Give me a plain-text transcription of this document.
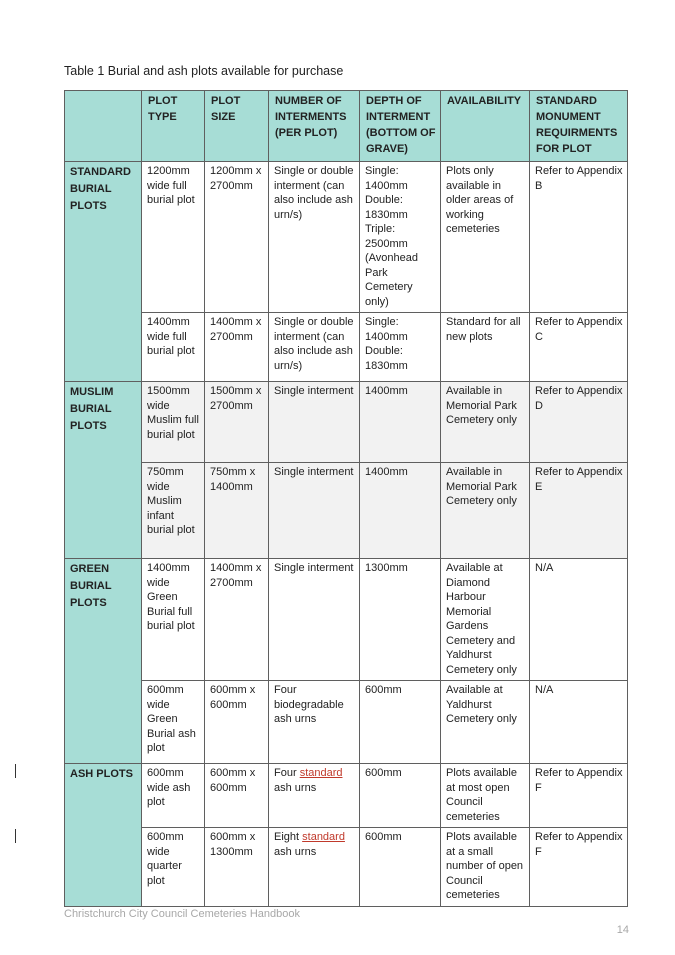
Table 1 Burial and ash plots available for purchase
	PLOT TYPE	PLOT SIZE	NUMBER OF INTERMENTS (PER PLOT)	DEPTH OF INTERMENT (BOTTOM OF GRAVE)	AVAILABILITY	STANDARD MONUMENT REQUIRMENTS FOR PLOT
STANDARD BURIAL PLOTS	1200mm wide full burial plot	1200mm x 2700mm	Single or double interment (can also include ash urn/s)	Single: 1400mm Double: 1830mm Triple: 2500mm (Avonhead Park Cemetery only)	Plots only available in older areas of working cemeteries	Refer to Appendix B
	1400mm wide full burial plot	1400mm x 2700mm	Single or double interment (can also include ash urn/s)	Single: 1400mm Double: 1830mm	Standard for all new plots	Refer to Appendix C
MUSLIM BURIAL PLOTS	1500mm wide Muslim full burial plot	1500mm x 2700mm	Single interment	1400mm	Available in Memorial Park Cemetery only	Refer to Appendix D
	750mm wide Muslim infant burial plot	750mm x 1400mm	Single interment	1400mm	Available in Memorial Park Cemetery only	Refer to Appendix E
GREEN BURIAL PLOTS	1400mm wide Green Burial full burial plot	1400mm x 2700mm	Single interment	1300mm	Available at Diamond Harbour Memorial Gardens Cemetery and Yaldhurst Cemetery only	N/A
	600mm wide Green Burial ash plot	600mm x 600mm	Four biodegradable ash urns	600mm	Available at Yaldhurst Cemetery only	N/A
ASH PLOTS	600mm wide ash plot	600mm x 600mm	Four standard ash urns	600mm	Plots available at most open Council cemeteries	Refer to Appendix F
	600mm wide quarter plot	600mm x 1300mm	Eight standard ash urns	600mm	Plots available at a small number of open Council cemeteries	Refer to Appendix F
Christchurch City Council Cemeteries Handbook
14
